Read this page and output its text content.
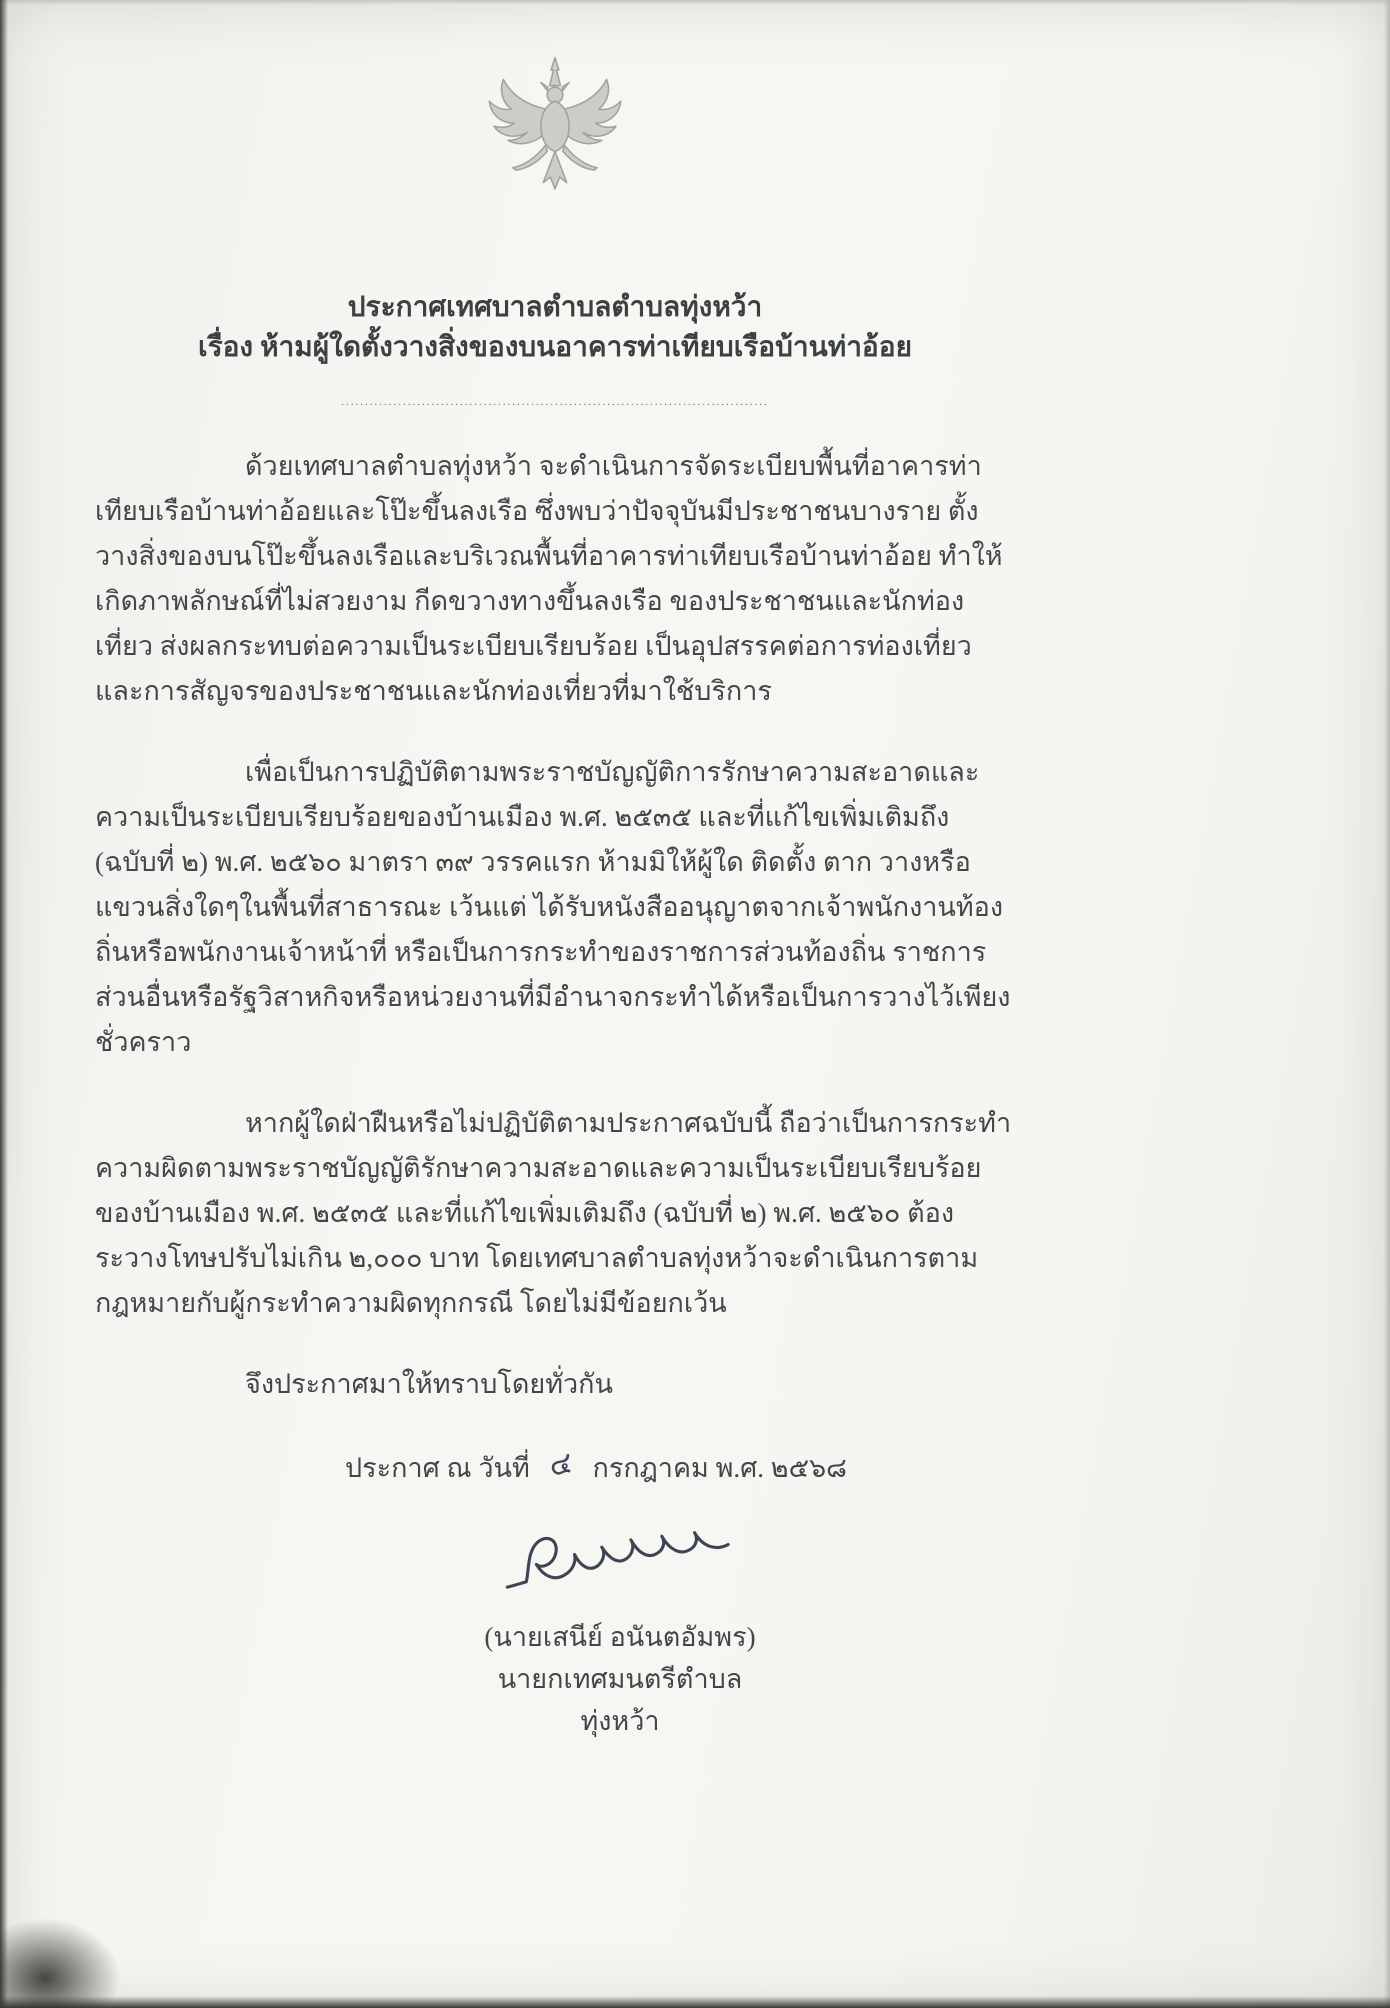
ประกาศเทศบาลตำบลตำบลทุ่งหว้า
เรื่อง ห้ามผู้ใดตั้งวางสิ่งของบนอาคารท่าเทียบเรือบ้านท่าอ้อย
..........................................................................................

ด้วยเทศบาลตำบลทุ่งหว้า จะดำเนินการจัดระเบียบพื้นที่อาคารท่าเทียบเรือบ้านท่าอ้อยและโป๊ะขึ้นลงเรือ ซึ่งพบว่าปัจจุบันมีประชาชนบางราย ตั้ง วางสิ่งของบนโป๊ะขึ้นลงเรือและบริเวณพื้นที่อาคารท่าเทียบเรือบ้านท่าอ้อย ทำให้เกิดภาพลักษณ์ที่ไม่สวยงาม กีดขวางทางขึ้นลงเรือ ของประชาชนและนักท่องเที่ยว ส่งผลกระทบต่อความเป็นระเบียบเรียบร้อย เป็นอุปสรรคต่อการท่องเที่ยวและการสัญจรของประชาชนและนักท่องเที่ยวที่มาใช้บริการ

เพื่อเป็นการปฏิบัติตามพระราชบัญญัติการรักษาความสะอาดและความเป็นระเบียบเรียบร้อยของบ้านเมือง พ.ศ. ๒๕๓๕ และที่แก้ไขเพิ่มเติมถึง (ฉบับที่ ๒) พ.ศ. ๒๕๖๐ มาตรา ๓๙ วรรคแรก ห้ามมิให้ผู้ใด ติดตั้ง ตาก วางหรือแขวนสิ่งใดๆในพื้นที่สาธารณะ เว้นแต่ ได้รับหนังสืออนุญาตจากเจ้าพนักงานท้องถิ่นหรือพนักงานเจ้าหน้าที่ หรือเป็นการกระทำของราชการส่วนท้องถิ่น ราชการส่วนอื่นหรือรัฐวิสาหกิจหรือหน่วยงานที่มีอำนาจกระทำได้หรือเป็นการวางไว้เพียงชั่วคราว

หากผู้ใดฝ่าฝืนหรือไม่ปฏิบัติตามประกาศฉบับนี้ ถือว่าเป็นการกระทำความผิดตามพระราชบัญญัติรักษาความสะอาดและความเป็นระเบียบเรียบร้อยของบ้านเมือง พ.ศ. ๒๕๓๕ และที่แก้ไขเพิ่มเติมถึง (ฉบับที่ ๒) พ.ศ. ๒๕๖๐ ต้องระวางโทษปรับไม่เกิน ๒,๐๐๐ บาท โดยเทศบาลตำบลทุ่งหว้าจะดำเนินการตามกฎหมายกับผู้กระทำความผิดทุกกรณี โดยไม่มีข้อยกเว้น

จึงประกาศมาให้ทราบโดยทั่วกัน

ประกาศ ณ วันที่ ๔ กรกฎาคม พ.ศ. ๒๕๖๘
(นายเสนีย์ อนันตอัมพร)
นายกเทศมนตรีตำบลทุ่งหว้า
